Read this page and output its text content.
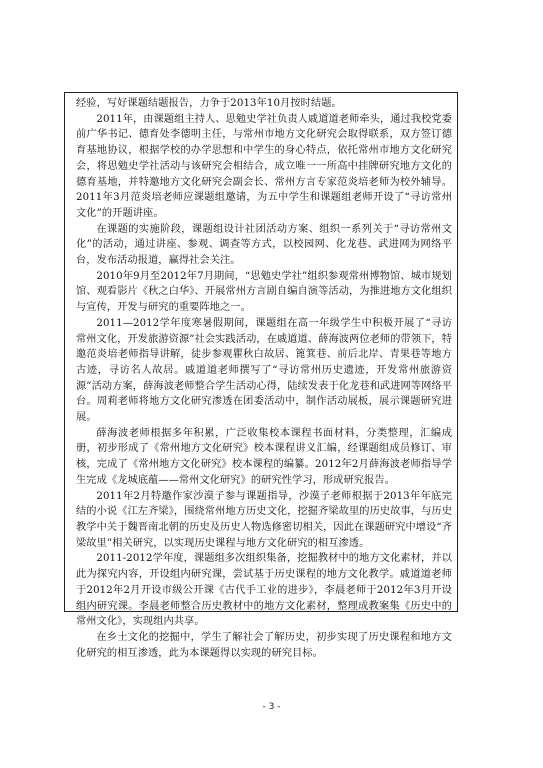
经验，写好课题结题报告，力争于2013年10月按时结题。

2011年，由课题组主持人、思勉史学社负责人戚道道老师牵头，通过我校党委前广华书记、德育处李德明主任，与常州市地方文化研究会取得联系，双方签订德育基地协议，根据学校的办学思想和中学生的身心特点，依托常州市地方文化研究会，将思勉史学社活动与该研究会相结合，成立唯一一所高中挂牌研究地方文化的德育基地，并特邀地方文化研究会副会长、常州方言专家范炎培老师为校外辅导。2011年3月范炎培老师应课题组邀请，为五中学生和课题组老师开设了“寻访常州文化”的开题讲座。

在课题的实施阶段，课题组设计社团活动方案、组织一系列关于“寻访常州文化”的活动，通过讲座、参观、调查等方式，以校园网、化龙巷、武进网为网络平台，发布活动报道，赢得社会关注。

2010年9月至2012年7月期间，“思勉史学社”组织参观常州博物馆、城市规划馆、观看影片《秋之白华》、开展常州方言剧自编自演等活动，为推进地方文化组织与宣传，开发与研究的重要阵地之一。

2011—2012学年度寒暑假期间，课题组在高一年级学生中积极开展了“寻访常州文化，开发旅游资源”社会实践活动，在戚道道、薛海波两位老师的带领下，特邀范炎培老师指导讲解，徒步参观瞿秋白故居、篦箕巷、前后北岸、青果巷等地方古迹，寻访名人故居。戚道道老师撰写了“寻访常州历史遗迹，开发常州旅游资源”活动方案，薛海波老师整合学生活动心得，陆续发表于化龙巷和武进网等网络平台。周莉老师将地方文化研究渗透在团委活动中，制作活动展板，展示课题研究进展。

薛海波老师根据多年积累，广泛收集校本课程书面材料，分类整理，汇编成册，初步形成了《常州地方文化研究》校本课程讲义汇编，经课题组成员修订、审核，完成了《常州地方文化研究》校本课程的编纂。2012年2月薛海波老师指导学生完成《龙城底蕴——常州文化研究》的研究性学习，形成研究报告。

2011年2月特邀作家沙漠子参与课题指导，沙漠子老师根据于2013年年底完结的小说《江左齐梁》，围绕常州地方历史文化，挖掘齐梁故里的历史故事，与历史教学中关于魏晋南北朝的历史及历史人物选修密切相关，因此在课题研究中增设“齐梁故里”相关研究，以实现历史课程与地方文化研究的相互渗透。

2011-2012学年度，课题组多次组织集备，挖掘教材中的地方文化素材，并以此为探究内容，开设组内研究课，尝试基于历史课程的地方文化教学。戚道道老师于2012年2月开设市级公开课《古代手工业的进步》，李晨老师于2012年3月开设组内研究课。李晨老师整合历史教材中的地方文化素材，整理成教案集《历史中的常州文化》，实现组内共享。

在乡土文化的挖掘中，学生了解社会了解历史，初步实现了历史课程和地方文化研究的相互渗透，此为本课题得以实现的研究目标。

- 3 -
